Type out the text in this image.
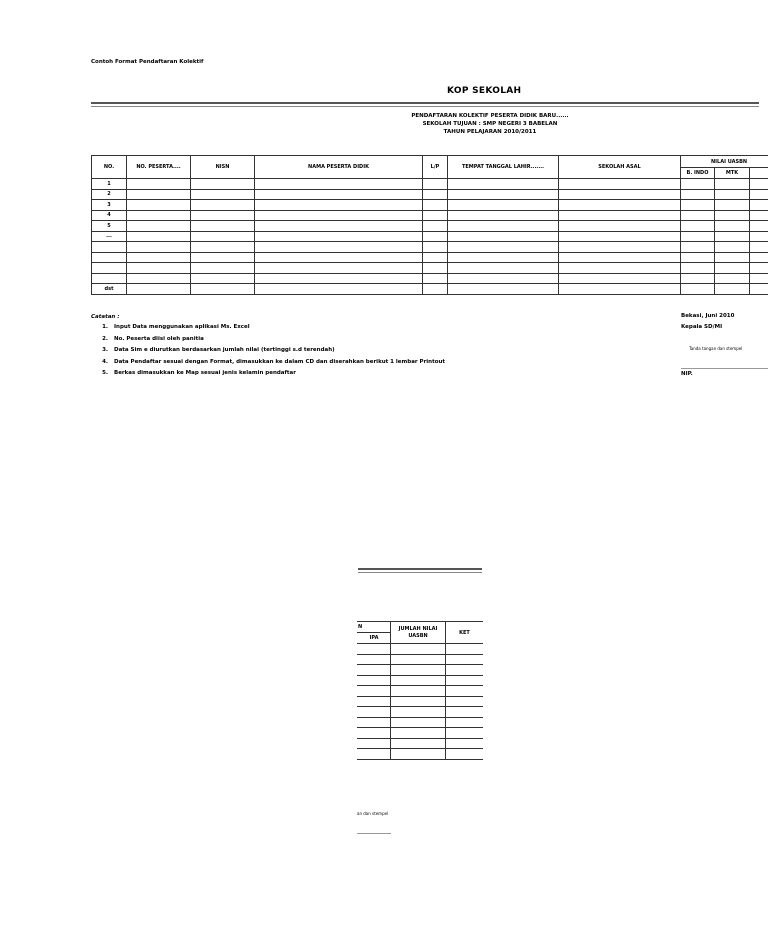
Contoh Format Pendaftaran Kolektif
KOP SEKOLAH
PENDAFTARAN KOLEKTIF PESERTA DIDIK BARU......
SEKOLAH TUJUAN : SMP NEGERI 3 BABELAN
TAHUN PELAJARAN 2010/2011
NO.	NO. PESERTA....	NISN	NAMA PESERTA DIDIK	L/P	TEMPAT TANGGAL LAHIR.......	SEKOLAH ASAL	NILAI UASBN		
							B. INDO	MTK	
1									
2									
3									
4									
5									
...									

dst									
Catatan :
1. Input Data menggunakan aplikasi Ms. Excel
2. No. Peserta diisi oleh panitia
3. Data Sim e diurutkan berdasarkan jumlah nilai (tertinggi s.d terendah)
4. Data Pendaftar sesuai dengan Format, dimasukkan ke dalam CD dan diserahkan berikut 1 lembar Printout
5. Berkas dimasukkan ke Map sesuai jenis kelamin pendaftar
Bekasi, Juni 2010
Kepala SD/MI
Tanda tangan dan stempel
NIP.
N	JUMLAH NILAI UASBN	KET
IPA		

an dan stempel
